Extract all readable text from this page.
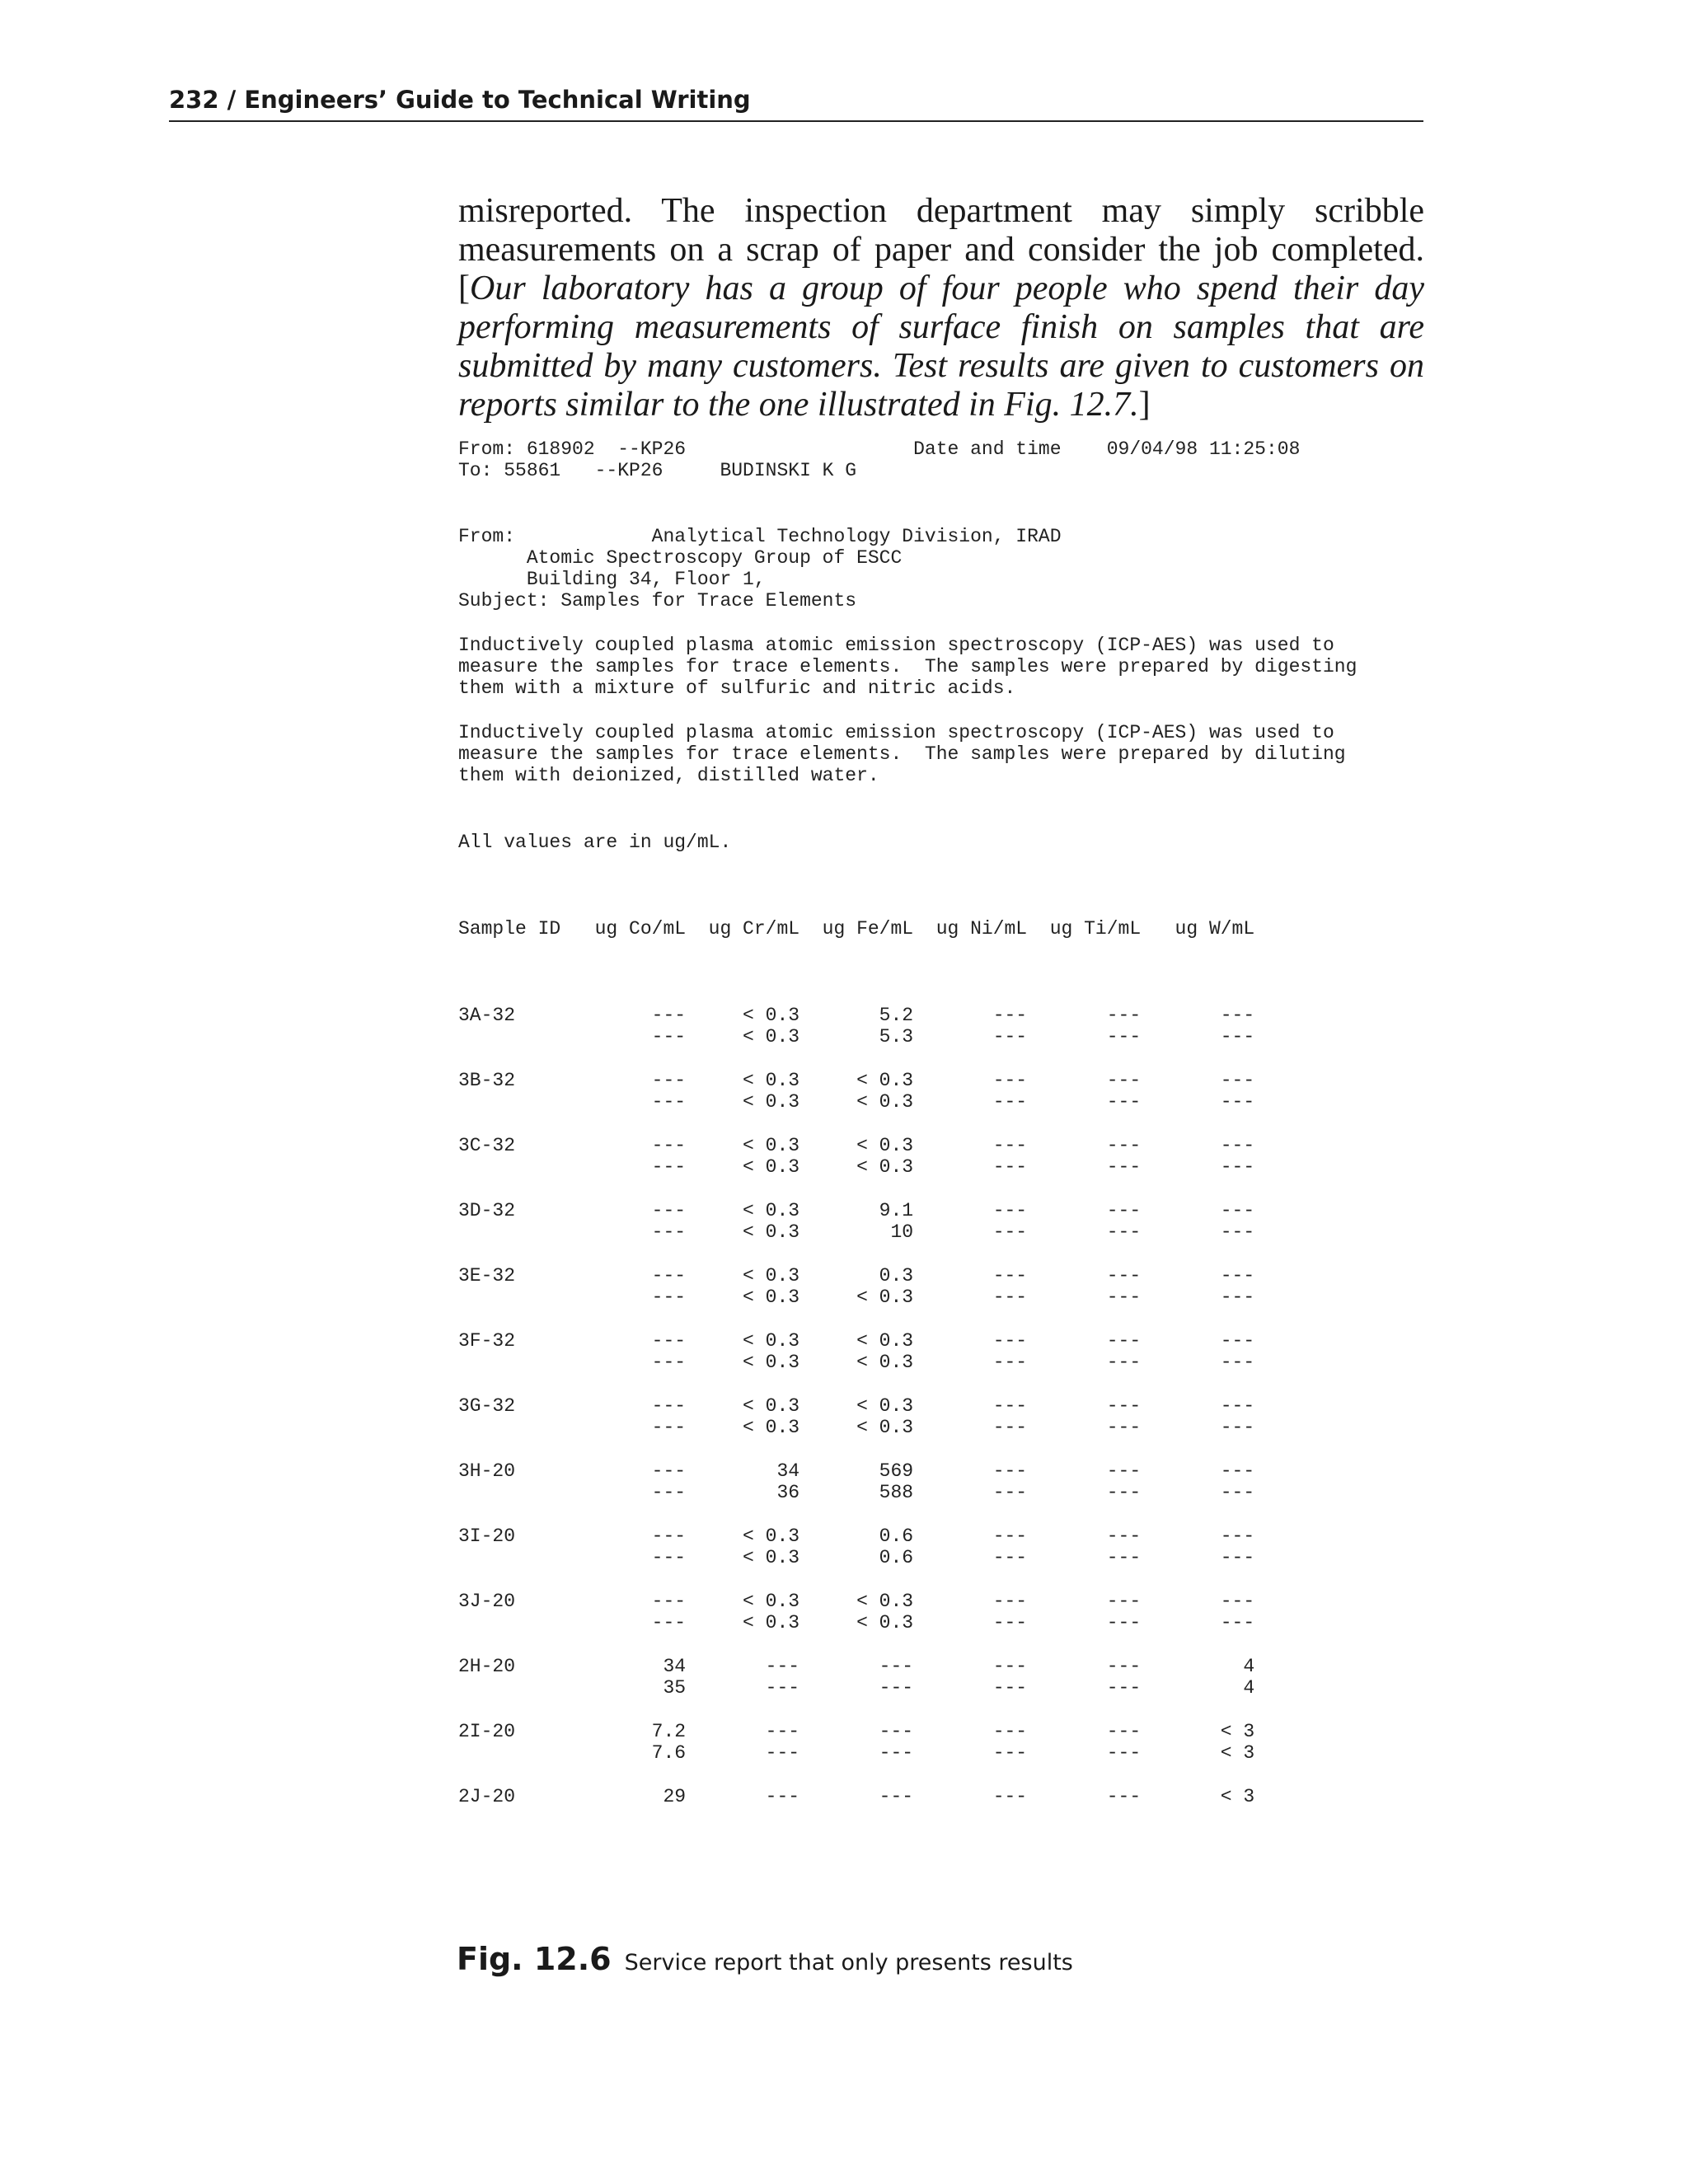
232 / Engineers’ Guide to Technical Writing

misreported. The inspection department may simply scribble measurements on a scrap of paper and consider the job completed. [Our laboratory has a group of four people who spend their day performing measurements of surface finish on samples that are submitted by many customers. Test results are given to customers on reports similar to the one illustrated in Fig. 12.7.]

From: 618902  --KP26                    Date and time    09/04/98 11:25:08
To: 55861   --KP26     BUDINSKI K G
From:            Analytical Technology Division, IRAD
Atomic Spectroscopy Group of ESCC
Building 34, Floor 1,
Subject: Samples for Trace Elements
Inductively coupled plasma atomic emission spectroscopy (ICP-AES) was used to
measure the samples for trace elements.  The samples were prepared by digesting
them with a mixture of sulfuric and nitric acids.
Inductively coupled plasma atomic emission spectroscopy (ICP-AES) was used to
measure the samples for trace elements.  The samples were prepared by diluting
them with deionized, distilled water.
All values are in ug/mL.

Sample ID   ug Co/mL  ug Cr/mL  ug Fe/mL  ug Ni/mL  ug Ti/mL   ug W/mL

3A-32            ---     < 0.3       5.2       ---       ---       ---
---     < 0.3       5.3       ---       ---       ---
3B-32            ---     < 0.3     < 0.3       ---       ---       ---
---     < 0.3     < 0.3       ---       ---       ---
3C-32            ---     < 0.3     < 0.3       ---       ---       ---
---     < 0.3     < 0.3       ---       ---       ---
3D-32            ---     < 0.3       9.1       ---       ---       ---
---     < 0.3        10       ---       ---       ---
3E-32            ---     < 0.3       0.3       ---       ---       ---
---     < 0.3     < 0.3       ---       ---       ---
3F-32            ---     < 0.3     < 0.3       ---       ---       ---
---     < 0.3     < 0.3       ---       ---       ---
3G-32            ---     < 0.3     < 0.3       ---       ---       ---
---     < 0.3     < 0.3       ---       ---       ---
3H-20            ---        34       569       ---       ---       ---
---        36       588       ---       ---       ---
3I-20            ---     < 0.3       0.6       ---       ---       ---
---     < 0.3       0.6       ---       ---       ---
3J-20            ---     < 0.3     < 0.3       ---       ---       ---
---     < 0.3     < 0.3       ---       ---       ---
2H-20             34       ---       ---       ---       ---         4
35       ---       ---       ---       ---         4
2I-20            7.2       ---       ---       ---       ---       < 3
7.6       ---       ---       ---       ---       < 3
2J-20             29       ---       ---       ---       ---       < 3

Fig. 12.6 Service report that only presents results
